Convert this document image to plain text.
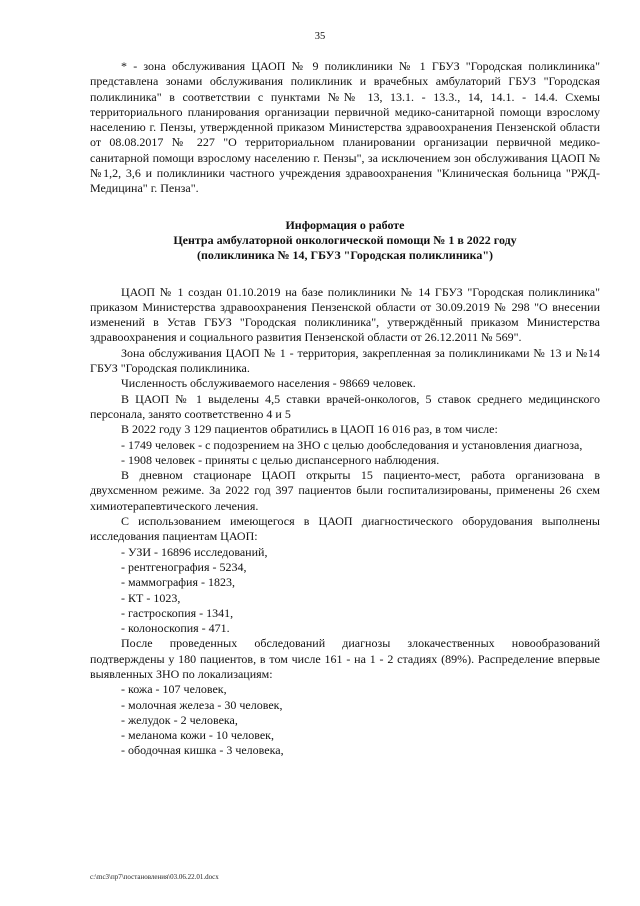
35

* - зона обслуживания ЦАОП № 9 поликлиники № 1 ГБУЗ "Городская поликлиника" представлена зонами обслуживания поликлиник и врачебных амбулаторий ГБУЗ "Городская поликлиника" в соответствии с пунктами №№ 13, 13.1. - 13.3., 14, 14.1. - 14.4. Схемы территориального планирования организации первичной медико-санитарной помощи взрослому населению г. Пензы, утвержденной приказом Министерства здравоохранения Пензенской области от 08.08.2017 № 227 "О территориальном планировании организации первичной медико-санитарной помощи взрослому населению г. Пензы", за исключением зон обслуживания ЦАОП №№1,2, 3,6 и поликлиники частного учреждения здравоохранения "Клиническая больница "РЖД-Медицина" г. Пенза".

Информация о работе
Центра амбулаторной онкологической помощи № 1 в 2022 году
(поликлиника № 14, ГБУЗ "Городская поликлиника")

ЦАОП № 1 создан 01.10.2019 на базе поликлиники № 14 ГБУЗ "Городская поликлиника" приказом Министерства здравоохранения Пензенской области от 30.09.2019 № 298 "О внесении изменений в Устав ГБУЗ "Городская поликлиника", утверждённый приказом Министерства здравоохранения и социального развития Пензенской области от 26.12.2011 № 569".

Зона обслуживания ЦАОП № 1 - территория, закрепленная за поликлиниками № 13 и №14 ГБУЗ "Городская поликлиника.

Численность обслуживаемого населения - 98669 человек.

В ЦАОП № 1 выделены 4,5 ставки врачей-онкологов, 5 ставок среднего медицинского персонала, занято соответственно 4 и 5

В 2022 году 3 129 пациентов обратились в ЦАОП 16 016 раз, в том числе:

- 1749 человек - с подозрением на ЗНО с целью дообследования и установления диагноза,

- 1908 человек - приняты с целью диспансерного наблюдения.

В дневном стационаре ЦАОП открыты 15 пациенто-мест, работа организована в двухсменном режиме. За 2022 год 397 пациентов были госпитализированы, применены 26 схем химиотерапевтического лечения.

С использованием имеющегося в ЦАОП диагностического оборудования выполнены исследования пациентам ЦАОП:

- УЗИ - 16896 исследований,

- рентгенография - 5234,

- маммография - 1823,

- КТ - 1023,

- гастроскопия - 1341,

- колоноскопия - 471.

После проведенных обследований диагнозы злокачественных новообразований подтверждены у 180 пациентов, в том числе 161 - на 1 - 2 стадиях (89%). Распределение впервые выявленных ЗНО по локализациям:

- кожа - 107 человек,

- молочная железа - 30 человек,

- желудок - 2 человека,

- меланома кожи - 10 человек,

- ободочная кишка - 3 человека,

c:\mc3\пр7\постановления\03.06.22.01.docx
